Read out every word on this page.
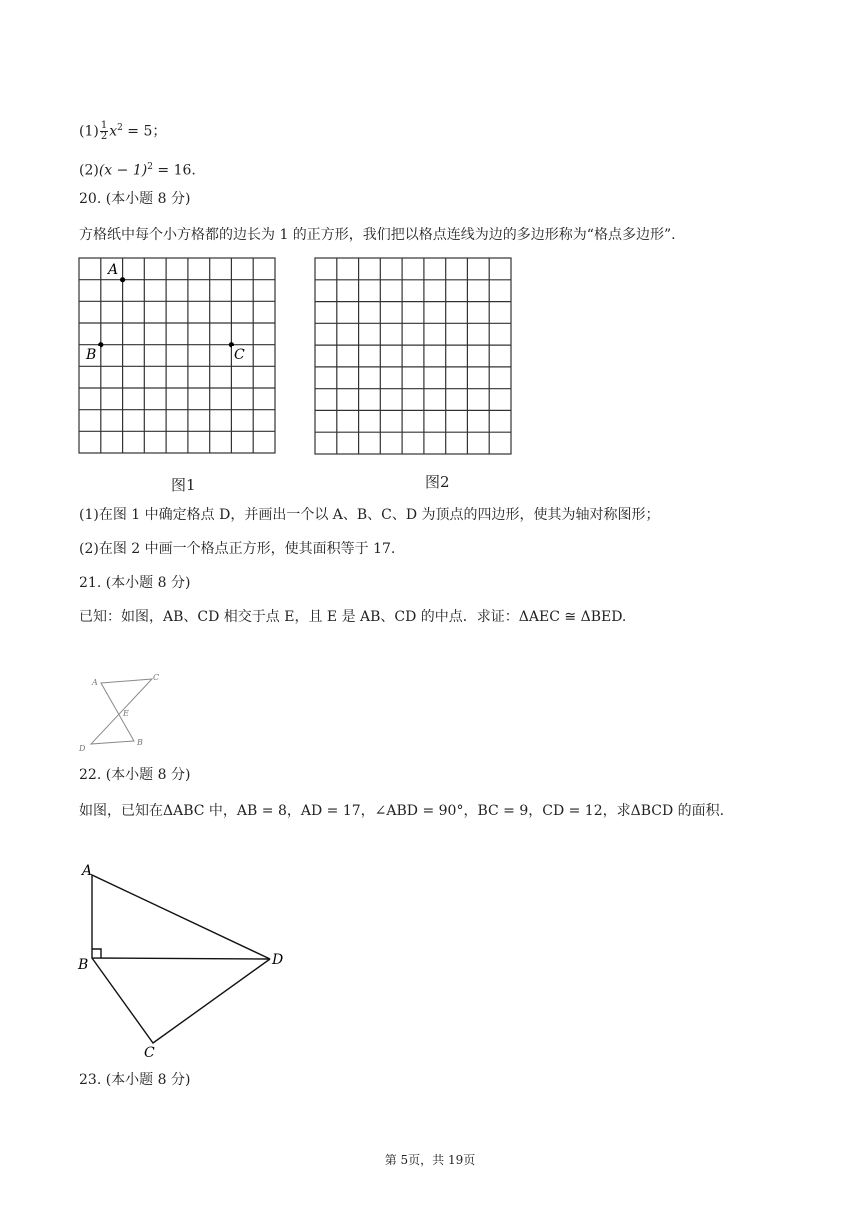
$(1) \frac{1}{2} x^2 = 5$；
$(2)(x - 1)^2 = 16$.
20. (本小题 8 分)
方格纸中每个小方格都的边长为 1 的正方形，我们把以格点连线为边的多边形称为“格点多边形”.
A
B	C
图1	图2
(1)在图 1 中确定格点 D，并画出一个以 A、B、C、D 为顶点的四边形，使其为轴对称图形；
(2)在图 2 中画一个格点正方形，使其面积等于 17.
21. (本小题 8 分)
已知：如图，AB、CD 相交于点 E，且 E 是 AB、CD 的中点．求证：ΔAEC ≅ ΔBED.
A
C
E
D
B
22. (本小题 8 分)
如图，已知在ΔABC 中，AB = 8，AD = 17，∠ABD = 90°，BC = 9，CD = 12，求ΔBCD 的面积.
A
B	D
C
23. (本小题 8 分)
第 5页，共 19页
